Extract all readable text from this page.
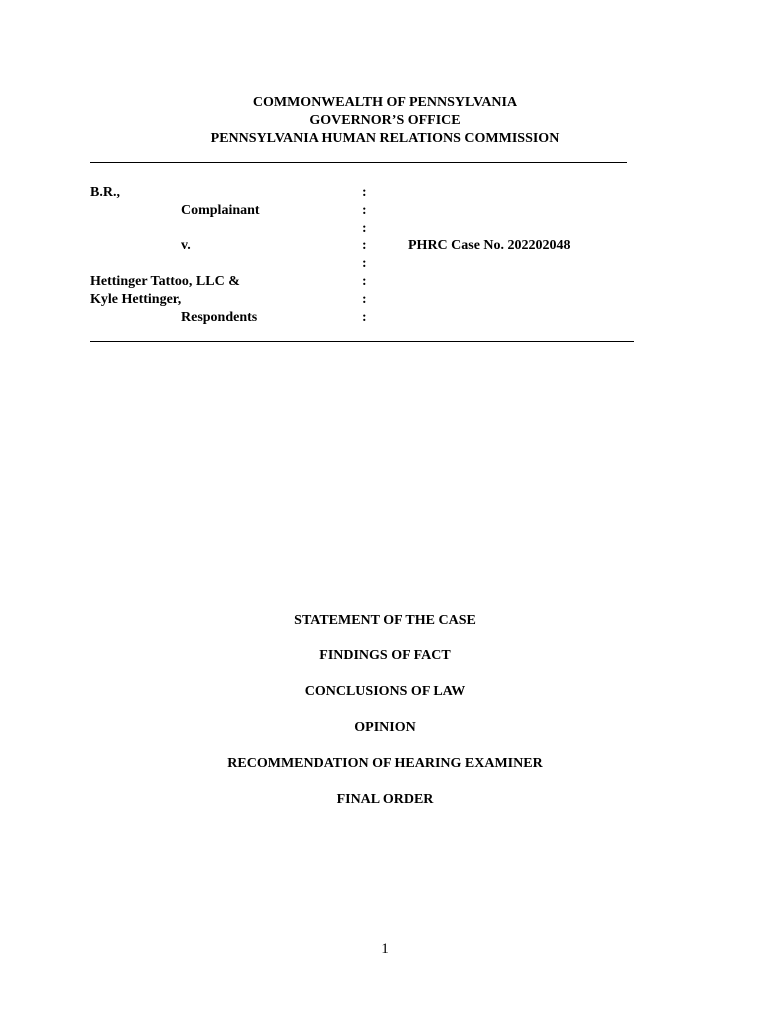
COMMONWEALTH OF PENNSYLVANIA
GOVERNOR’S OFFICE
PENNSYLVANIA HUMAN RELATIONS COMMISSION
B.R.,
Complainant
v.
Hettinger Tattoo, LLC &
Kyle Hettinger,
Respondents
:
:
:
:
:
:
:
:
PHRC Case No. 202202048
STATEMENT OF THE CASE
FINDINGS OF FACT
CONCLUSIONS OF LAW
OPINION
RECOMMENDATION OF HEARING EXAMINER
FINAL ORDER
1
